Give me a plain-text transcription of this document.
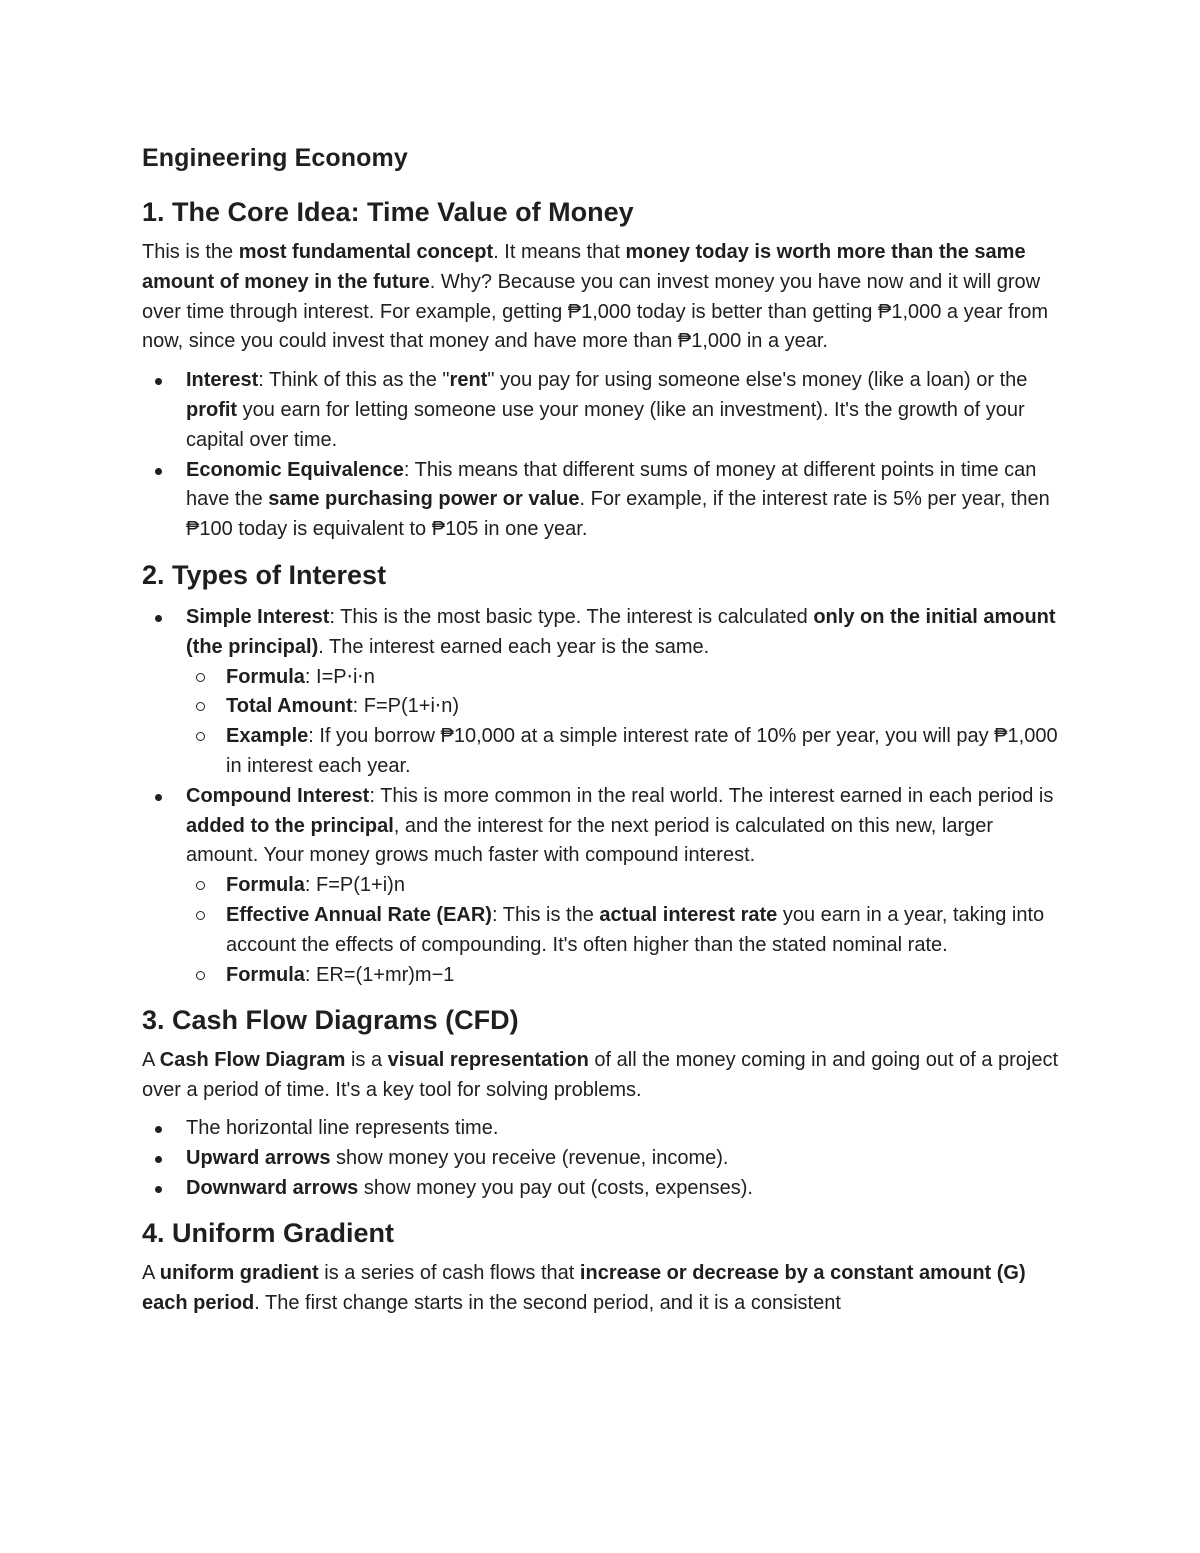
Engineering Economy
1. The Core Idea: Time Value of Money

This is the most fundamental concept. It means that money today is worth more than the same amount of money in the future. Why? Because you can invest money you have now and it will grow over time through interest. For example, getting ₱1,000 today is better than getting ₱1,000 a year from now, since you could invest that money and have more than ₱1,000 in a year.

Interest: Think of this as the "rent" you pay for using someone else's money (like a loan) or the profit you earn for letting someone use your money (like an investment). It's the growth of your capital over time.
Economic Equivalence: This means that different sums of money at different points in time can have the same purchasing power or value. For example, if the interest rate is 5% per year, then ₱100 today is equivalent to ₱105 in one year.
2. Types of Interest
Simple Interest: This is the most basic type. The interest is calculated only on the initial amount (the principal). The interest earned each year is the same.
Formula: I=P⋅i⋅n
Total Amount: F=P(1+i⋅n)
Example: If you borrow ₱10,000 at a simple interest rate of 10% per year, you will pay ₱1,000 in interest each year.
Compound Interest: This is more common in the real world. The interest earned in each period is added to the principal, and the interest for the next period is calculated on this new, larger amount. Your money grows much faster with compound interest.
Formula: F=P(1+i)n
Effective Annual Rate (EAR): This is the actual interest rate you earn in a year, taking into account the effects of compounding. It's often higher than the stated nominal rate.
Formula: ER=(1+mr)m−1
3. Cash Flow Diagrams (CFD)

A Cash Flow Diagram is a visual representation of all the money coming in and going out of a project over a period of time. It's a key tool for solving problems.

The horizontal line represents time.
Upward arrows show money you receive (revenue, income).
Downward arrows show money you pay out (costs, expenses).
4. Uniform Gradient

A uniform gradient is a series of cash flows that increase or decrease by a constant amount (G) each period. The first change starts in the second period, and it is a consistent
